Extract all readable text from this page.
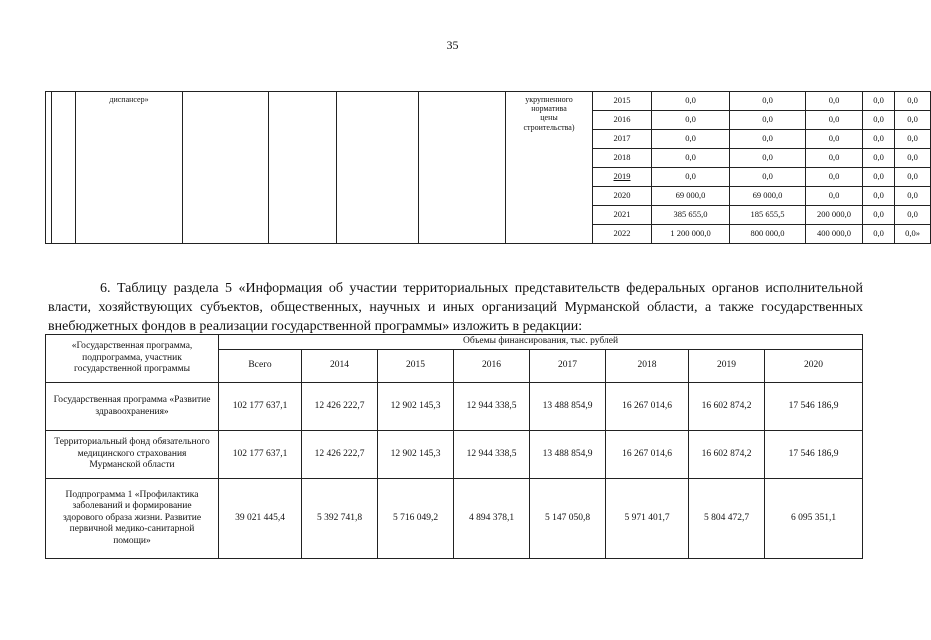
35

		диспансер»					укрупненного
норматива
цены
строительства)	2015	0,0	0,0	0,0	0,0	0,0
								2016	0,0	0,0	0,0	0,0	0,0
								2017	0,0	0,0	0,0	0,0	0,0
								2018	0,0	0,0	0,0	0,0	0,0
								2019	0,0	0,0	0,0	0,0	0,0
								2020	69 000,0	69 000,0	0,0	0,0	0,0
								2021	385 655,0	185 655,5	200 000,0	0,0	0,0
								2022	1 200 000,0	800 000,0	400 000,0	0,0	0,0»

6. Таблицу раздела 5 «Информация об участии территориальных представительств федеральных органов исполнительной власти, хозяйствующих субъектов, общественных, научных и иных организаций Мурманской области, а также государственных внебюджетных фондов в реализации государственной программы» изложить в редакции:

«Государственная программа, подпрограмма, участник государственной программы	Объемы финансирования, тыс. рублей							
	Всего	2014	2015	2016	2017	2018	2019	2020
Государственная программа «Развитие здравоохранения»	102 177 637,1	12 426 222,7	12 902 145,3	12 944 338,5	13 488 854,9	16 267 014,6	16 602 874,2	17 546 186,9
Территориальный фонд обязательного медицинского страхования Мурманской области	102 177 637,1	12 426 222,7	12 902 145,3	12 944 338,5	13 488 854,9	16 267 014,6	16 602 874,2	17 546 186,9
Подпрограмма 1 «Профилактика заболеваний и формирование здорового образа жизни. Развитие первичной медико-санитарной помощи»	39 021 445,4	5 392 741,8	5 716 049,2	4 894 378,1	5 147 050,8	5 971 401,7	5 804 472,7	6 095 351,1
